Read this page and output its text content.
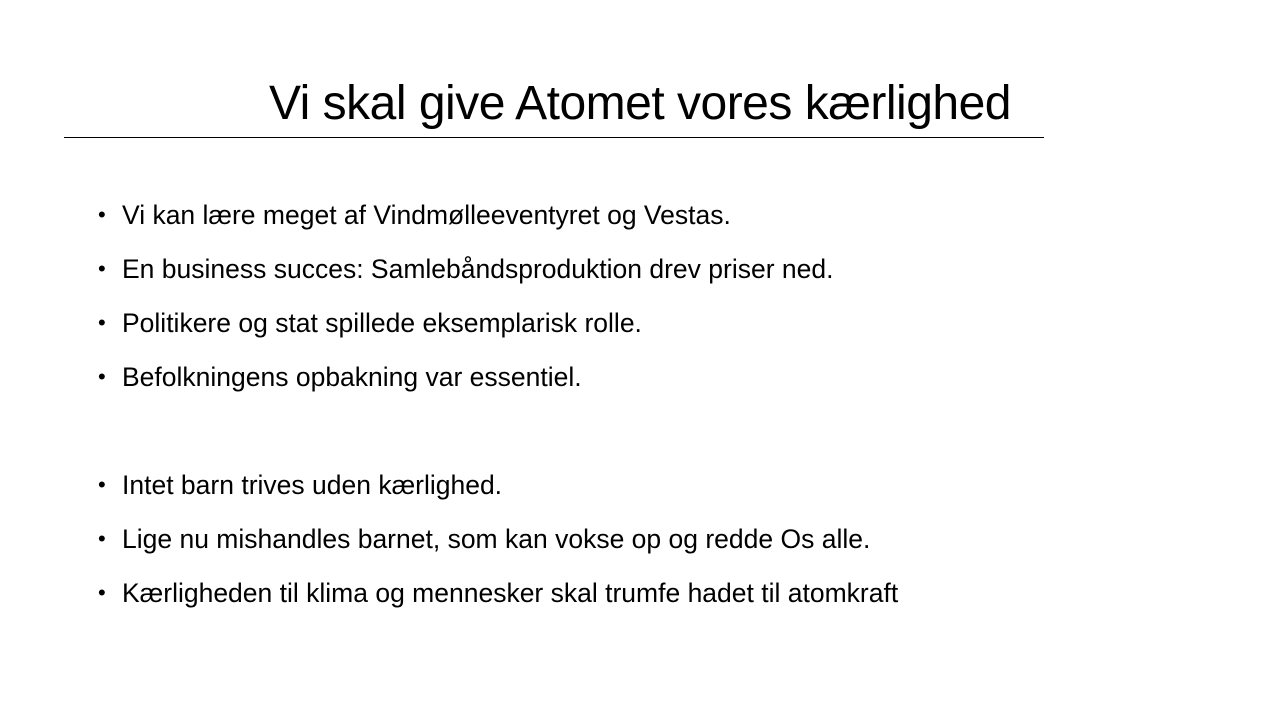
Vi skal give Atomet vores kærlighed
• Vi kan lære meget af Vindmølleeventyret og Vestas.
• En business succes: Samlebåndsproduktion drev priser ned.
• Politikere og stat spillede eksemplarisk rolle.
• Befolkningens opbakning var essentiel.
• Intet barn trives uden kærlighed.
• Lige nu mishandles barnet, som kan vokse op og redde Os alle.
• Kærligheden til klima og mennesker skal trumfe hadet til atomkraft
